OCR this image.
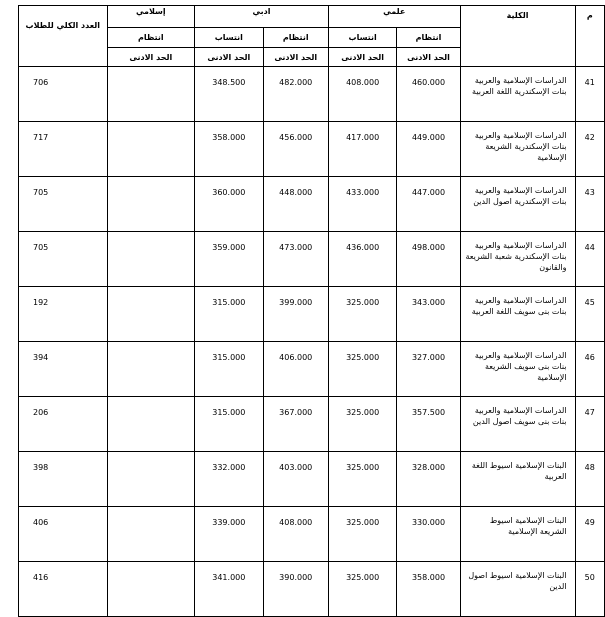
م	الكلية	علمي		ادبي		إسلامي	العدد الكلي للطلاب
		انتظام	انتساب	انتظام	انتساب	انتظام	
		الحد الادنى	الحد الادنى	الحد الادنى	الحد الادنى	الحد الادنى	
41	الدراسات الإسلامية والعربية بنات الإسكندرية اللغة العربية	460.000	408.000	482.000	348.500		706
42	الدراسات الإسلامية والعربية بنات الإسكندرية الشريعة الإسلامية	449.000	417.000	456.000	358.000		717
43	الدراسات الإسلامية والعربية بنات الإسكندرية اصول الدين	447.000	433.000	448.000	360.000		705
44	الدراسات الإسلامية والعربية بنات الإسكندرية شعبة الشريعة والقانون	498.000	436.000	473.000	359.000		705
45	الدراسات الإسلامية والعربية بنات بنى سويف اللغة العربية	343.000	325.000	399.000	315.000		192
46	الدراسات الإسلامية والعربية بنات بنى سويف الشريعة الإسلامية	327.000	325.000	406.000	315.000		394
47	الدراسات الإسلامية والعربية بنات بنى سويف اصول الدين	357.500	325.000	367.000	315.000		206
48	البنات الإسلامية اسيوط اللغة العربية	328.000	325.000	403.000	332.000		398
49	البنات الإسلامية اسيوط الشريعة الإسلامية	330.000	325.000	408.000	339.000		406
50	البنات الإسلامية اسيوط اصول الدين	358.000	325.000	390.000	341.000		416
